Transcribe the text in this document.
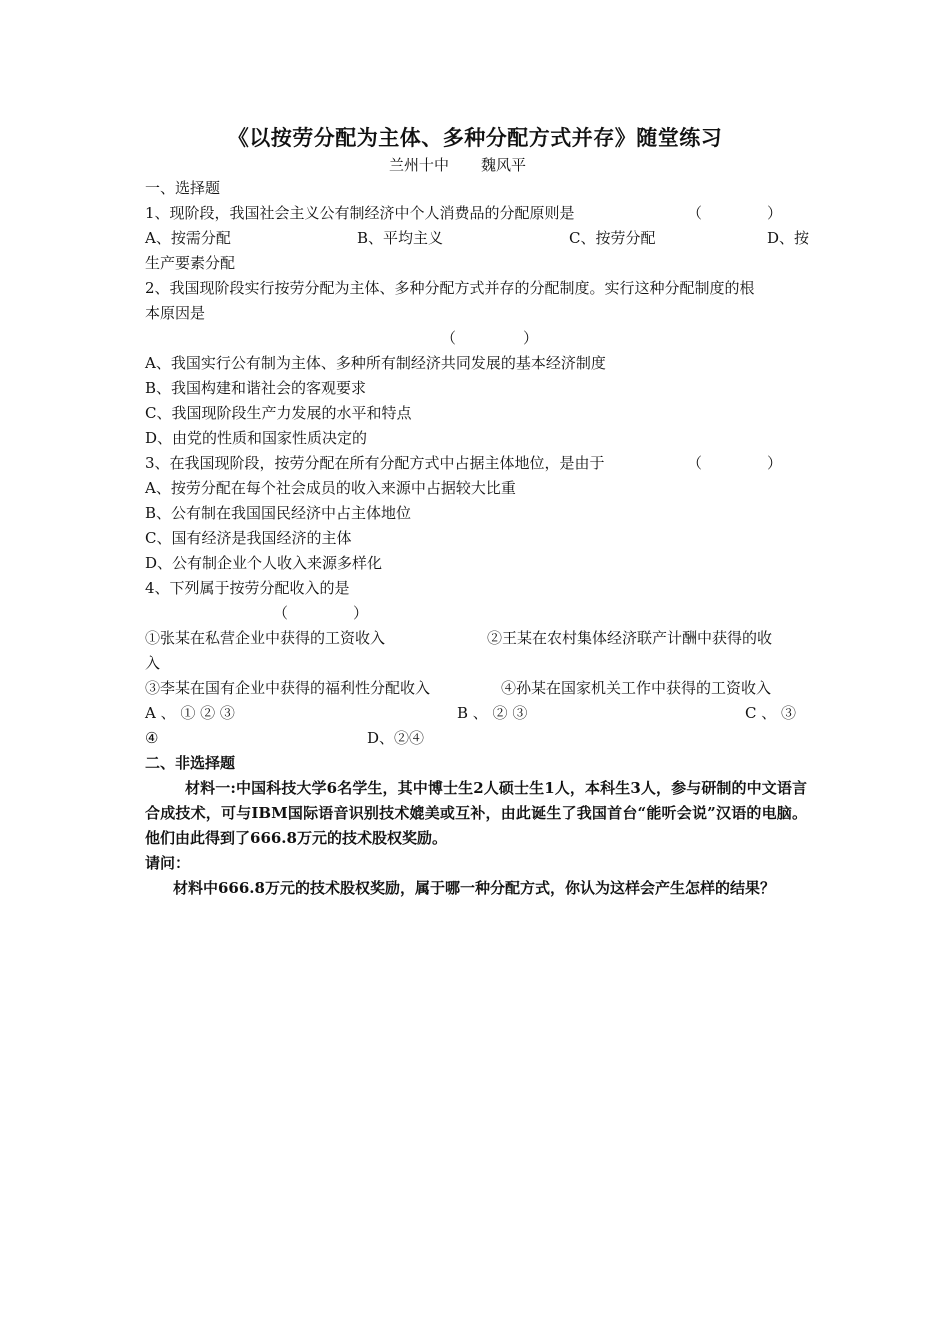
《以按劳分配为主体、多种分配方式并存》随堂练习
兰州十中 魏风平
一、选择题
1、现阶段，我国社会主义公有制经济中个人消费品的分配原则是	（	）
A、按需分配	B、平均主义	C、按劳分配	D、按
生产要素分配
2、我国现阶段实行按劳分配为主体、多种分配方式并存的分配制度。实行这种分配制度的根
本原因是
（	）
A、我国实行公有制为主体、多种所有制经济共同发展的基本经济制度
B、我国构建和谐社会的客观要求
C、我国现阶段生产力发展的水平和特点
D、由党的性质和国家性质决定的
3、在我国现阶段，按劳分配在所有分配方式中占据主体地位，是由于	（	）
A、按劳分配在每个社会成员的收入来源中占据较大比重
B、公有制在我国国民经济中占主体地位
C、国有经济是我国经济的主体
D、公有制企业个人收入来源多样化
4、下列属于按劳分配收入的是
（	）
①张某在私营企业中获得的工资收入	②王某在农村集体经济联产计酬中获得的收
入
③李某在国有企业中获得的福利性分配收入	④孙某在国家机关工作中获得的工资收入
A 、 ① ② ③	B 、 ② ③	C 、 ③
④	D、②④
二、非选择题
材料一:中国科技大学6名学生，其中博士生2人硕士生1人，本科生3人，参与研制的中文语言合成技术，可与IBM国际语音识别技术媲美或互补，由此诞生了我国首台“能听会说”汉语的电脑。他们由此得到了666.8万元的技术股权奖励。
请问：
材料中666.8万元的技术股权奖励，属于哪一种分配方式，你认为这样会产生怎样的结果？
